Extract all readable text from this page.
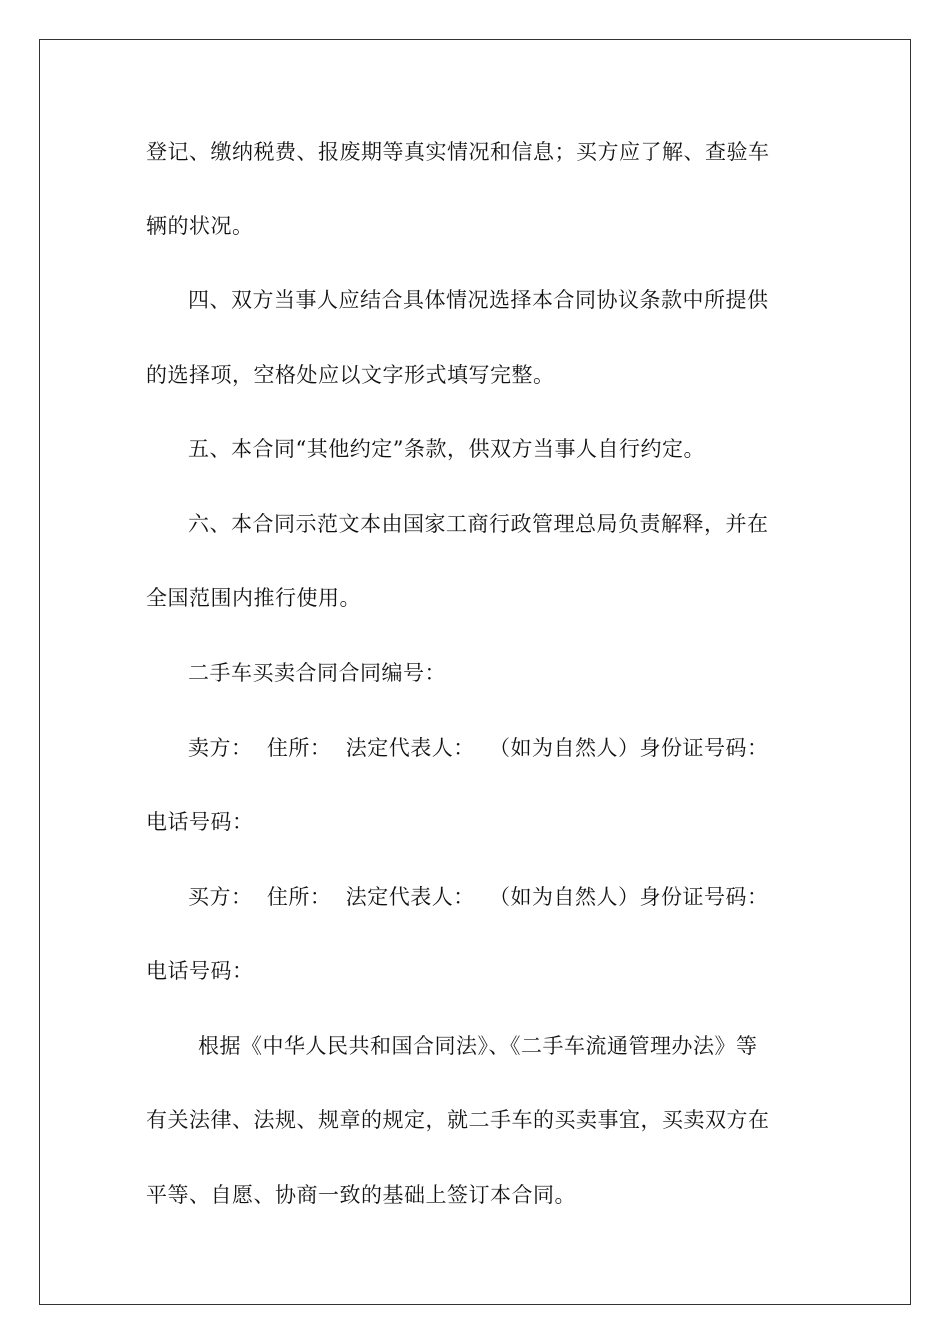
登记、缴纳税费、报废期等真实情况和信息；买方应了解、查验车
辆的状况。
四、双方当事人应结合具体情况选择本合同协议条款中所提供
的选择项，空格处应以文字形式填写完整。
五、本合同“其他约定”条款，供双方当事人自行约定。
六、本合同示范文本由国家工商行政管理总局负责解释，并在
全国范围内推行使用。
二手车买卖合同合同编号：
卖方：  住所：  法定代表人：  （如为自然人）身份证号码：
电话号码：
买方：  住所：  法定代表人：  （如为自然人）身份证号码：
电话号码：
根据《中华人民共和国合同法》、《二手车流通管理办法》等
有关法律、法规、规章的规定，就二手车的买卖事宜，买卖双方在
平等、自愿、协商一致的基础上签订本合同。
